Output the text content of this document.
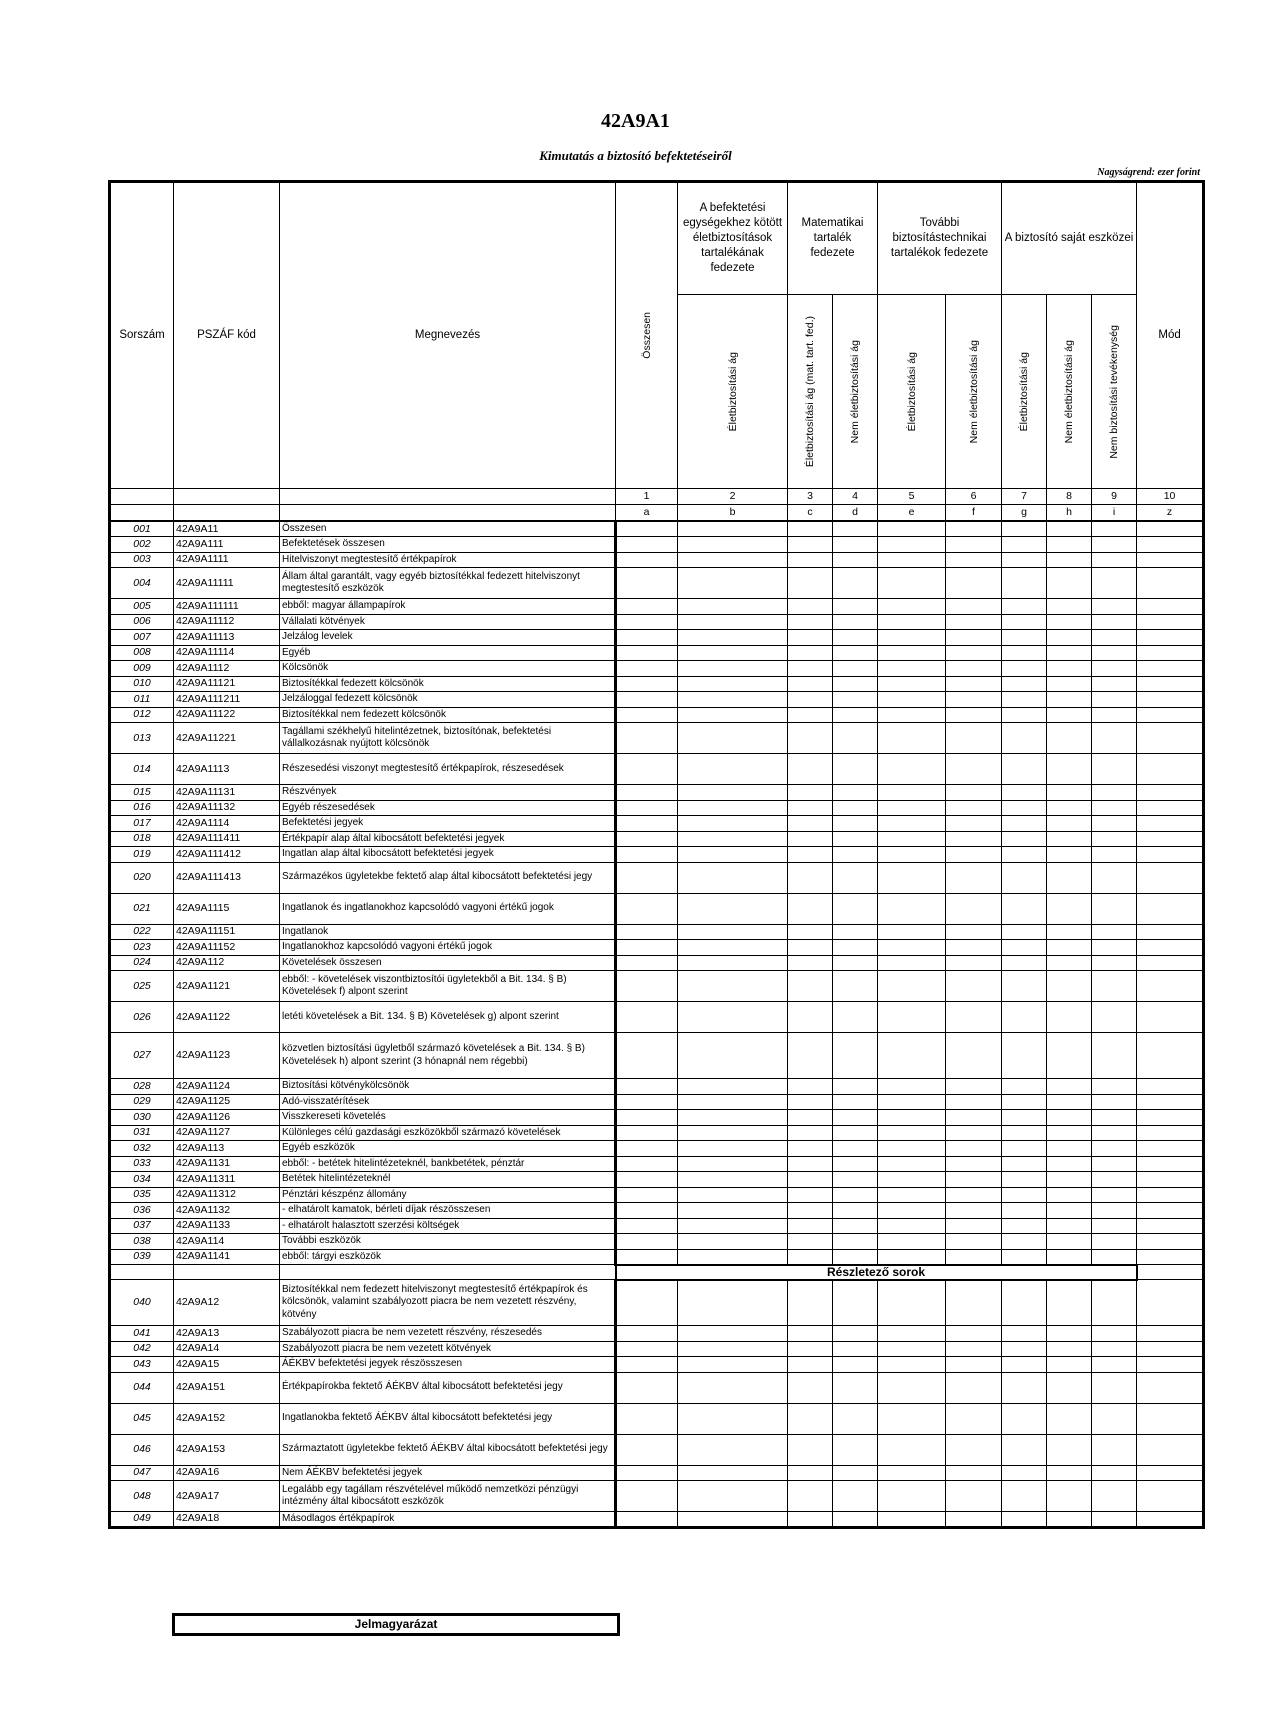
42A9A1
Kimutatás a biztosító befektetéseiről
Nagyságrend: ezer forint
Sorszám	PSZÁF kód	Megnevezés	Összesen	A befektetési egységekhez kötött életbiztosítások tartalékának fedezete	Matematikai tartalék fedezete		További biztosítástechnikai tartalékok fedezete		A biztosító saját eszközei			Mód

				Életbiztosítási ág	Életbiztosítási ág (mat. tart. fed.)	Nem életbiztosítási ág	Életbiztosítási ág	Nem életbiztosítási ág	Életbiztosítási ág	Nem életbiztosítási ág	Nem biztosítási tevékenység	

			1	2	3	4	5	6	7	8	9	10
			a	b	c	d	e	f	g	h	i	z
001	42A9A11	Összesen										
002	42A9A111	Befektetések összesen										
003	42A9A1111	Hitelviszonyt megtestesítő értékpapírok										
004	42A9A11111	Állam által garantált, vagy egyéb biztosítékkal fedezett hitelviszonyt megtestesítő eszközök										
005	42A9A111111	ebből: magyar állampapírok										
006	42A9A11112	Vállalati kötvények										
007	42A9A11113	Jelzálog levelek										
008	42A9A11114	Egyéb										
009	42A9A1112	Kölcsönök										
010	42A9A11121	Biztosítékkal fedezett kölcsönök										
011	42A9A111211	Jelzáloggal fedezett kölcsönök										
012	42A9A11122	Biztosítékkal nem fedezett kölcsönök										
013	42A9A11221	Tagállami székhelyű hitelintézetnek, biztosítónak, befektetési vállalkozásnak nyújtott kölcsönök										
014	42A9A1113	Részesedési viszonyt megtestesítő értékpapírok, részesedések										
015	42A9A11131	Részvények										
016	42A9A11132	Egyéb részesedések										
017	42A9A1114	Befektetési jegyek										
018	42A9A111411	Értékpapír alap által kibocsátott befektetési jegyek										
019	42A9A111412	Ingatlan alap által kibocsátott befektetési jegyek										
020	42A9A111413	Származékos ügyletekbe fektető alap által kibocsátott befektetési jegy										
021	42A9A1115	Ingatlanok és ingatlanokhoz kapcsolódó vagyoni értékű jogok										
022	42A9A11151	Ingatlanok										
023	42A9A11152	Ingatlanokhoz kapcsolódó vagyoni értékű jogok										
024	42A9A112	Követelések összesen										
025	42A9A1121	ebből: - követelések viszontbiztosítói ügyletekből a Bit. 134. § B) Követelések f) alpont szerint										
026	42A9A1122	letéti követelések a Bit. 134. § B) Követelések g) alpont szerint										
027	42A9A1123	közvetlen biztosítási ügyletből származó követelések a Bit. 134. § B) Követelések h) alpont szerint (3 hónapnál nem régebbi)										
028	42A9A1124	Biztosítási kötvénykölcsönök										
029	42A9A1125	Adó-visszatérítések										
030	42A9A1126	Visszkereseti követelés										
031	42A9A1127	Különleges célú gazdasági eszközökből származó követelések										
032	42A9A113	Egyéb eszközök										
033	42A9A1131	ebből: - betétek hitelintézeteknél, bankbetétek, pénztár										
034	42A9A11311	Betétek hitelintézeteknél										
035	42A9A11312	Pénztári készpénz állomány										
036	42A9A1132	- elhatárolt kamatok, bérleti díjak részösszesen										
037	42A9A1133	- elhatárolt halasztott szerzési költségek										
038	42A9A114	További eszközök										
039	42A9A1141	ebből: tárgyi eszközök										
			Részletező sorok									
040	42A9A12	Biztosítékkal nem fedezett hitelviszonyt megtestesítő értékpapírok és kölcsönök, valamint szabályozott piacra be nem vezetett részvény, kötvény										
041	42A9A13	Szabályozott piacra be nem vezetett részvény, részesedés										
042	42A9A14	Szabályozott piacra be nem vezetett kötvények										
043	42A9A15	ÁÉKBV befektetési jegyek részösszesen										
044	42A9A151	Értékpapírokba fektető ÁÉKBV által kibocsátott befektetési jegy										
045	42A9A152	Ingatlanokba fektető ÁÉKBV által kibocsátott befektetési jegy										
046	42A9A153	Származtatott ügyletekbe fektető ÁÉKBV által kibocsátott befektetési jegy										
047	42A9A16	Nem ÁÉKBV befektetési jegyek										
048	42A9A17	Legalább egy tagállam részvételével működő nemzetközi pénzügyi intézmény által kibocsátott eszközök										
049	42A9A18	Másodlagos értékpapírok										
Jelmagyarázat
